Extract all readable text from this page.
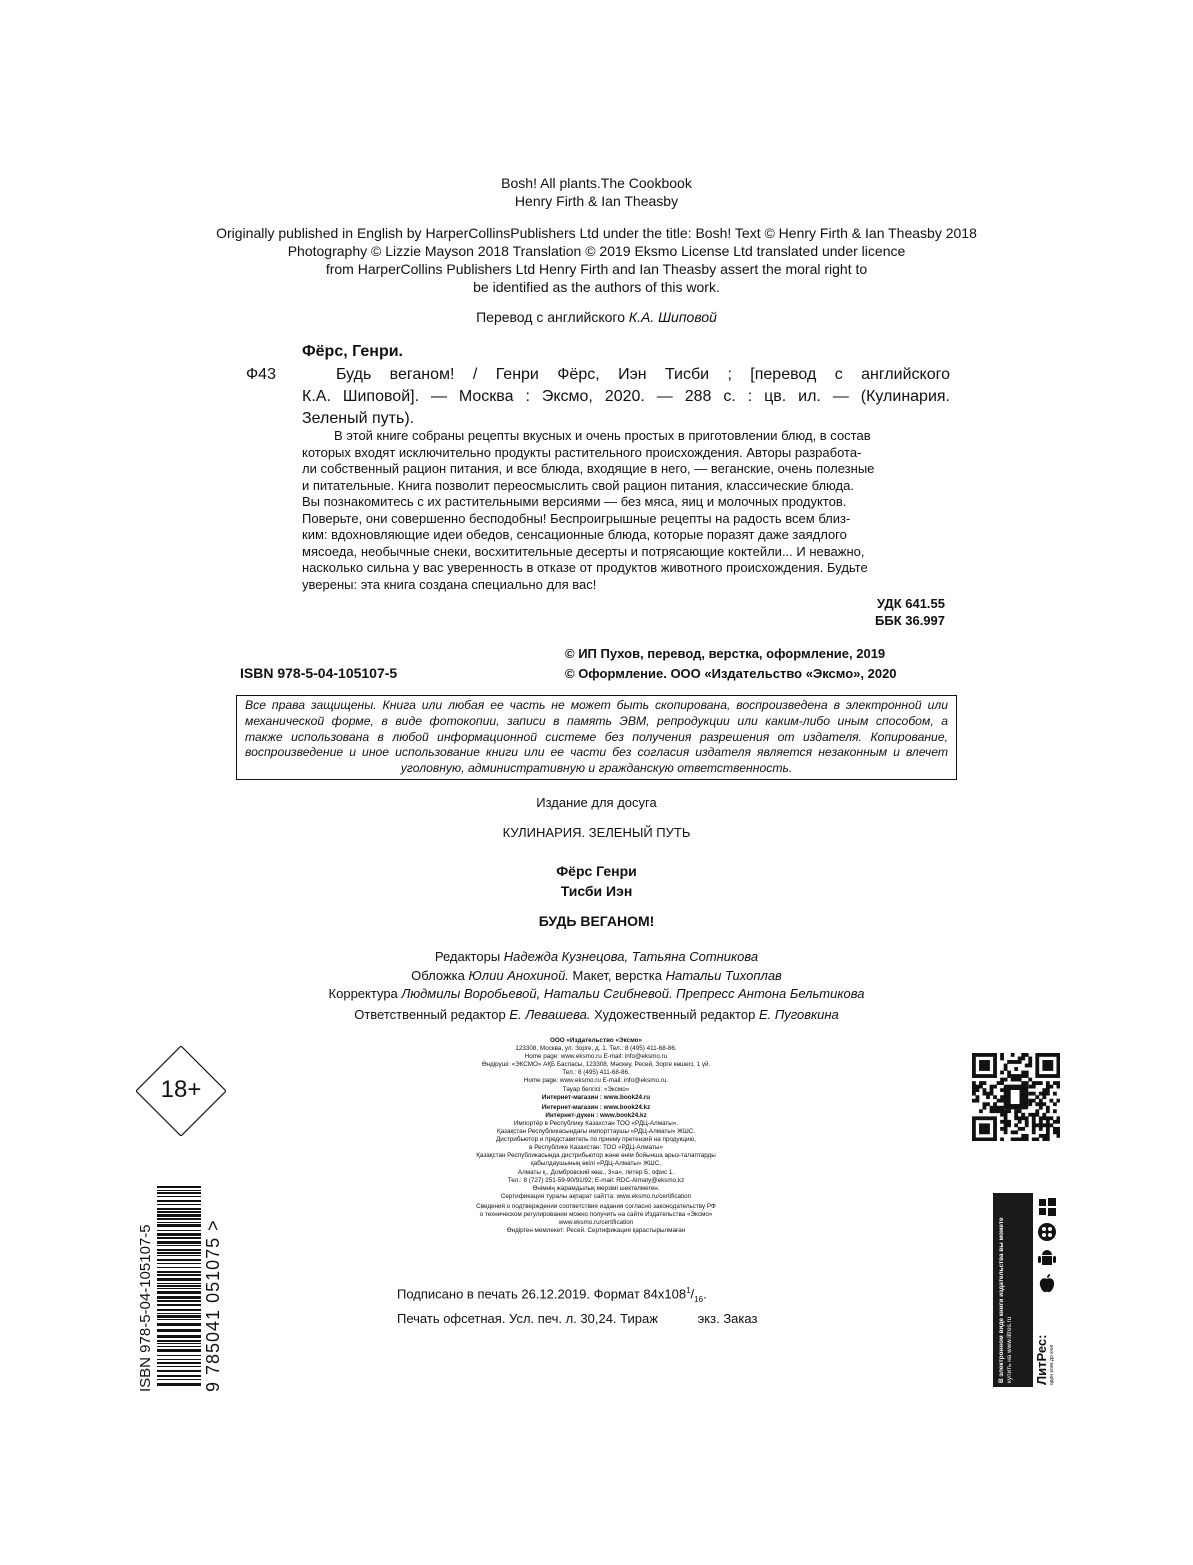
Bosh! All plants.The Cookbook
Henry Firth & Ian Theasby
Originally published in English by HarperCollinsPublishers Ltd under the title: Bosh! Text © Henry Firth & Ian Theasby 2018
Photography © Lizzie Mayson 2018 Translation © 2019 Eksmo License Ltd translated under licence
from HarperCollins Publishers Ltd Henry Firth and Ian Theasby assert the moral right to
be identified as the authors of this work.
Перевод с английского К.А. Шиповой
Фёрс, Генри.
Ф43	Будь веганом! / Генри Фёрс, Иэн Тисби ; [перевод с английского
К.А. Шиповой]. — Москва : Эксмо, 2020. — 288 с. : цв. ил. — (Кулинария.
Зеленый путь).
В этой книге собраны рецепты вкусных и очень простых в приготовлении блюд, в состав
которых входят исключительно продукты растительного происхождения. Авторы разработа-
ли собственный рацион питания, и все блюда, входящие в него, — веганские, очень полезные
и питательные. Книга позволит переосмыслить свой рацион питания, классические блюда.
Вы познакомитесь с их растительными версиями — без мяса, яиц и молочных продуктов.
Поверьте, они совершенно бесподобны! Беспроигрышные рецепты на радость всем близ-
ким: вдохновляющие идеи обедов, сенсационные блюда, которые поразят даже заядлого
мясоеда, необычные снеки, восхитительные десерты и потрясающие коктейли... И неважно,
насколько сильна у вас уверенность в отказе от продуктов животного происхождения. Будьте
уверены: эта книга создана специально для вас!
УДК 641.55
ББК 36.997
© ИП Пухов, перевод, верстка, оформление, 2019
© Оформление. ООО «Издательство «Эксмо», 2020
ISBN 978-5-04-105107-5
Все права защищены. Книга или любая ее часть не может быть скопирована, воспроизведена в электронной или
механической форме, в виде фотокопии, записи в память ЭВМ, репродукции или каким-либо иным способом, а
также использована в любой информационной системе без получения разрешения от издателя. Копирование,
воспроизведение и иное использование книги или ее части без согласия издателя является незаконным и влечет
уголовную, административную и гражданскую ответственность.
Издание для досуга
КУЛИНАРИЯ. ЗЕЛЕНЫЙ ПУТЬ
Фёрс Генри
Тисби Иэн
БУДЬ ВЕГАНОМ!
Редакторы Надежда Кузнецова, Татьяна Сотникова
Обложка Юлии Анохиной. Макет, верстка Натальи Тихоплав
Корректура Людмилы Воробьевой, Натальи Сгибневой. Препресс Антона Бельтикова
Ответственный редактор Е. Левашева. Художественный редактор Е. Пуговкина
ООО «Издательство «Эксмо»
123308, Москва, ул. Зорге, д. 1. Тел.: 8 (495) 411-68-86.
Home page: www.eksmo.ru E-mail: info@eksmo.ru
Өндіруші: «ЭКСМО» АҚБ Баспасы, 123308, Мәскеу, Ресей, Зорге көшесі, 1 үй.
Тел.: 8 (495) 411-68-86.
Home page: www.eksmo.ru E-mail: info@eksmo.ru.
Тауар белгісі: «Эксмо»
Интернет-магазин : www.book24.ru
Интернет-магазин : www.book24.kz
Интернет-дүкен : www.book24.kz
Импортёр в Республику Казахстан ТОО «РДЦ-Алматы».
Қазақстан Республикасындағы импорттаушы «РДЦ-Алматы» ЖШС.
Дистрибьютор и представитель по приему претензий на продукцию,
в Республике Казахстан: ТОО «РДЦ-Алматы»
Қазақстан Республикасында дистрибьютор және өнім бойынша арыз-талаптарды
қабылдаушының өкілі «РДЦ-Алматы» ЖШС,
Алматы қ., Домбровский көш., 3«а», литер Б, офис 1.
Тел.: 8 (727) 251-59-90/91/92; E-mail: RDC-Almaty@eksmo.kz
Өнімнің жарамдылық мерзімі шектелмеген.
Сертификация туралы ақпарат сайтта: www.eksmo.ru/certification
Сведения о подтверждении соответствия издания согласно законодательству РФ
о техническом регулировании можно получить на сайте Издательства «Эксмо»
www.eksmo.ru/certification
Өндірген мемлекет: Ресей. Сертификация қарастырылмаған
Подписано в печать 26.12.2019. Формат $84x108^1/_{16}$.
Печать офсетная. Усл. печ. л. 30,24. Тираж           экз. Заказ
18+
ISBN 978-5-04-105107-5	9 785041 051075 >	В электронном виде книги издательства вы можете купить на www.litres.ru ЛитРес: один клик до книг
